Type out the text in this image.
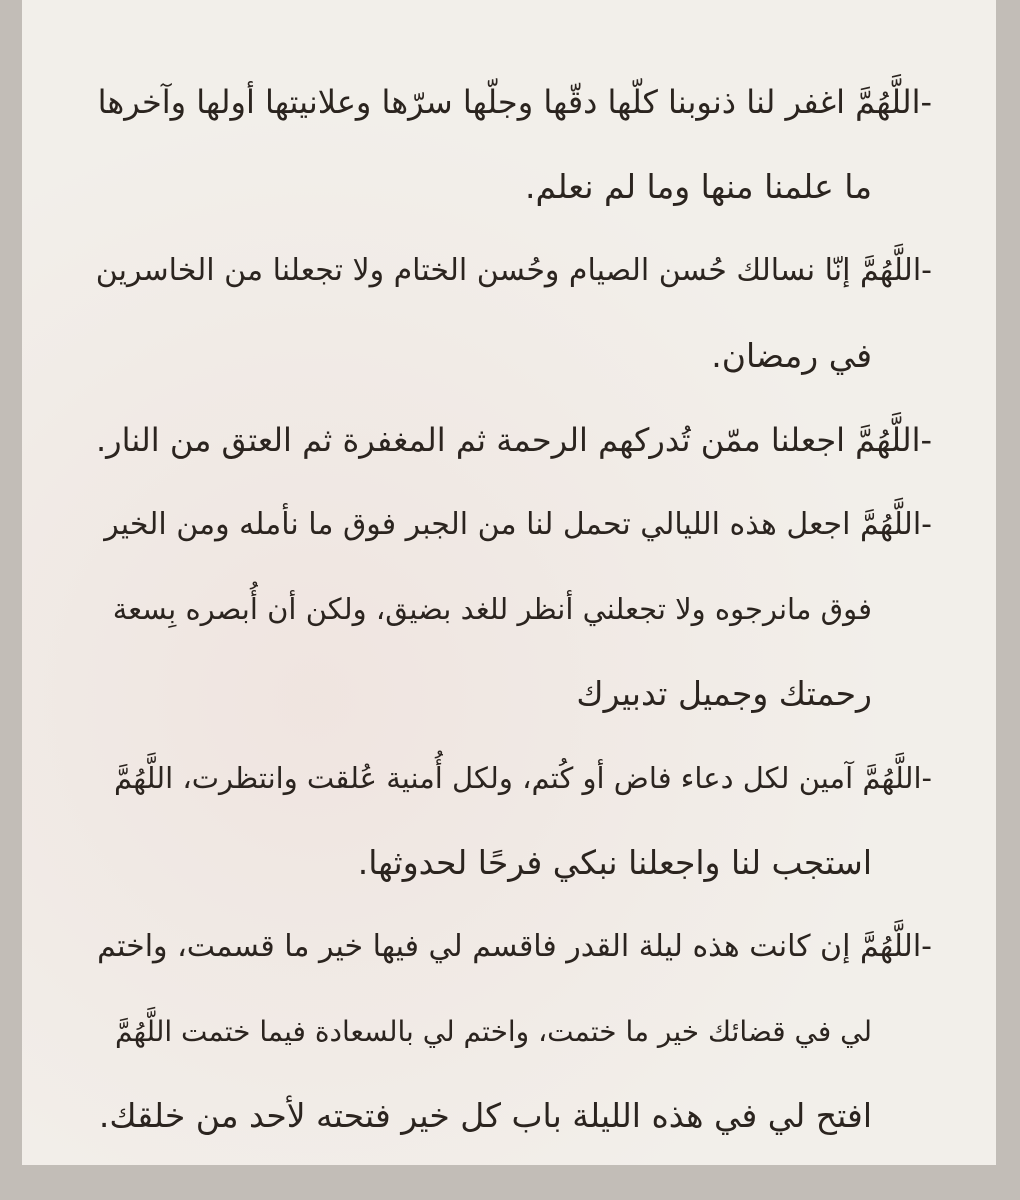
-اللَّهُمَّ اغفر لنا ذنوبنا كلّها دقّها وجلّها سرّها وعلانيتها أولها وآخرها
ما علمنا منها وما لم نعلم.
-اللَّهُمَّ إنّا نسالك حُسن الصيام وحُسن الختام ولا تجعلنا من الخاسرين
في رمضان.
-اللَّهُمَّ اجعلنا ممّن تُدركهم الرحمة ثم المغفرة ثم العتق من النار.
-اللَّهُمَّ اجعل هذه الليالي تحمل لنا من الجبر فوق ما نأمله ومن الخير
فوق مانرجوه ولا تجعلني أنظر للغد بضيق، ولكن أن أُبصره بِسعة
رحمتك وجميل تدبيرك
-اللَّهُمَّ آمين لكل دعاء فاض أو كُتم، ولكل أُمنية عُلقت وانتظرت، اللَّهُمَّ
استجب لنا واجعلنا نبكي فرحًا لحدوثها.
-اللَّهُمَّ إن كانت هذه ليلة القدر فاقسم لي فيها خير ما قسمت، واختم
لي في قضائك خير ما ختمت، واختم لي بالسعادة فيما ختمت اللَّهُمَّ
افتح لي في هذه الليلة باب كل خير فتحته لأحد من خلقك.
